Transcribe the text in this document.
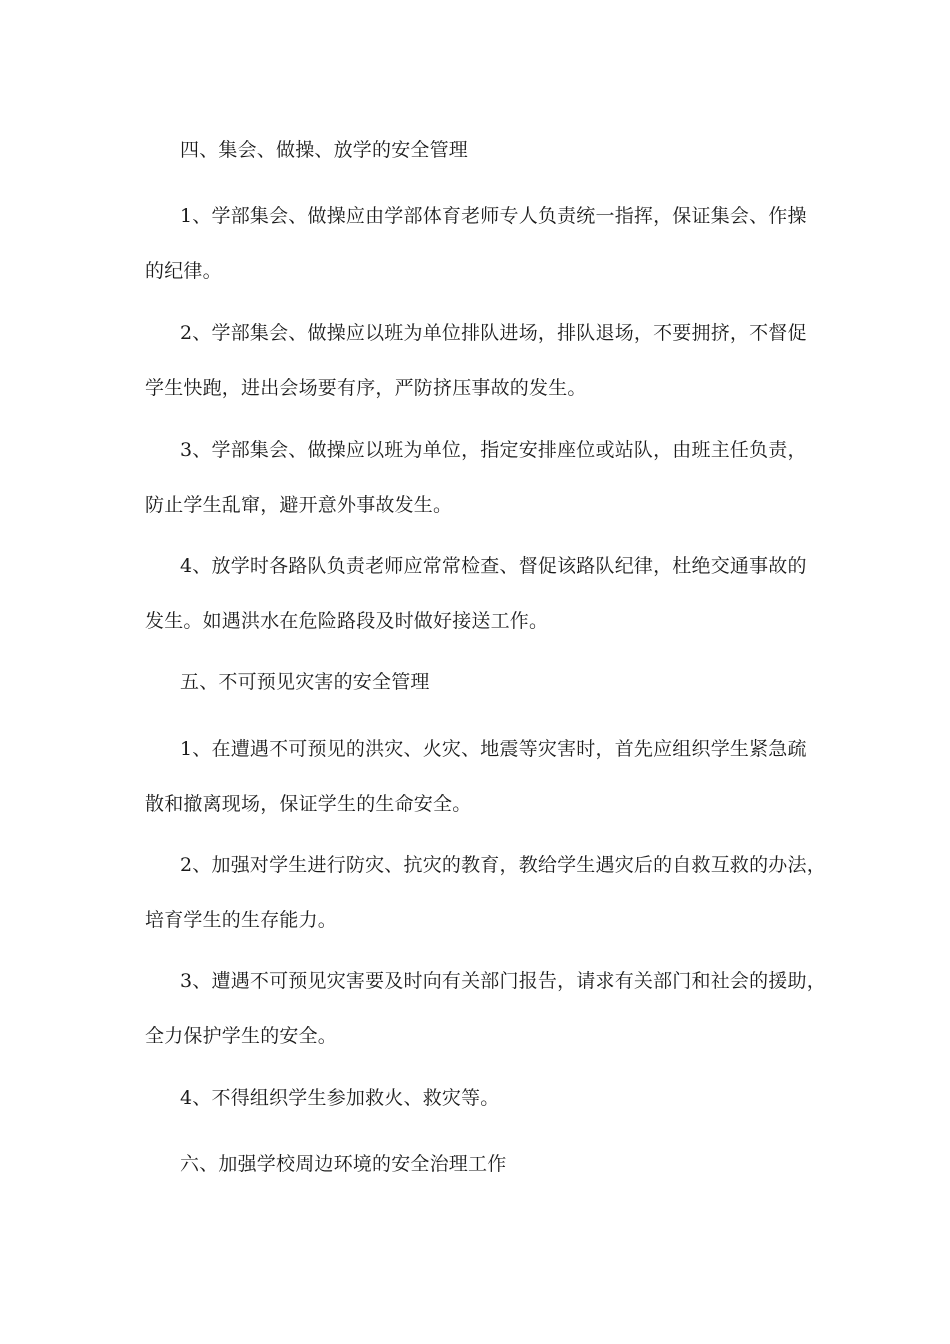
四、集会、做操、放学的安全管理

1、学部集会、做操应由学部体育老师专人负责统一指挥，保证集会、作操
的纪律。

2、学部集会、做操应以班为单位排队进场，排队退场，不要拥挤，不督促
学生快跑，进出会场要有序，严防挤压事故的发生。

3、学部集会、做操应以班为单位，指定安排座位或站队，由班主任负责，
防止学生乱窜，避开意外事故发生。

4、放学时各路队负责老师应常常检查、督促该路队纪律，杜绝交通事故的
发生。如遇洪水在危险路段及时做好接送工作。

五、不可预见灾害的安全管理

1、在遭遇不可预见的洪灾、火灾、地震等灾害时，首先应组织学生紧急疏
散和撤离现场，保证学生的生命安全。

2、加强对学生进行防灾、抗灾的教育，教给学生遇灾后的自救互救的办法，
培育学生的生存能力。

3、遭遇不可预见灾害要及时向有关部门报告，请求有关部门和社会的援助，
全力保护学生的安全。

4、不得组织学生参加救火、救灾等。

六、加强学校周边环境的安全治理工作
